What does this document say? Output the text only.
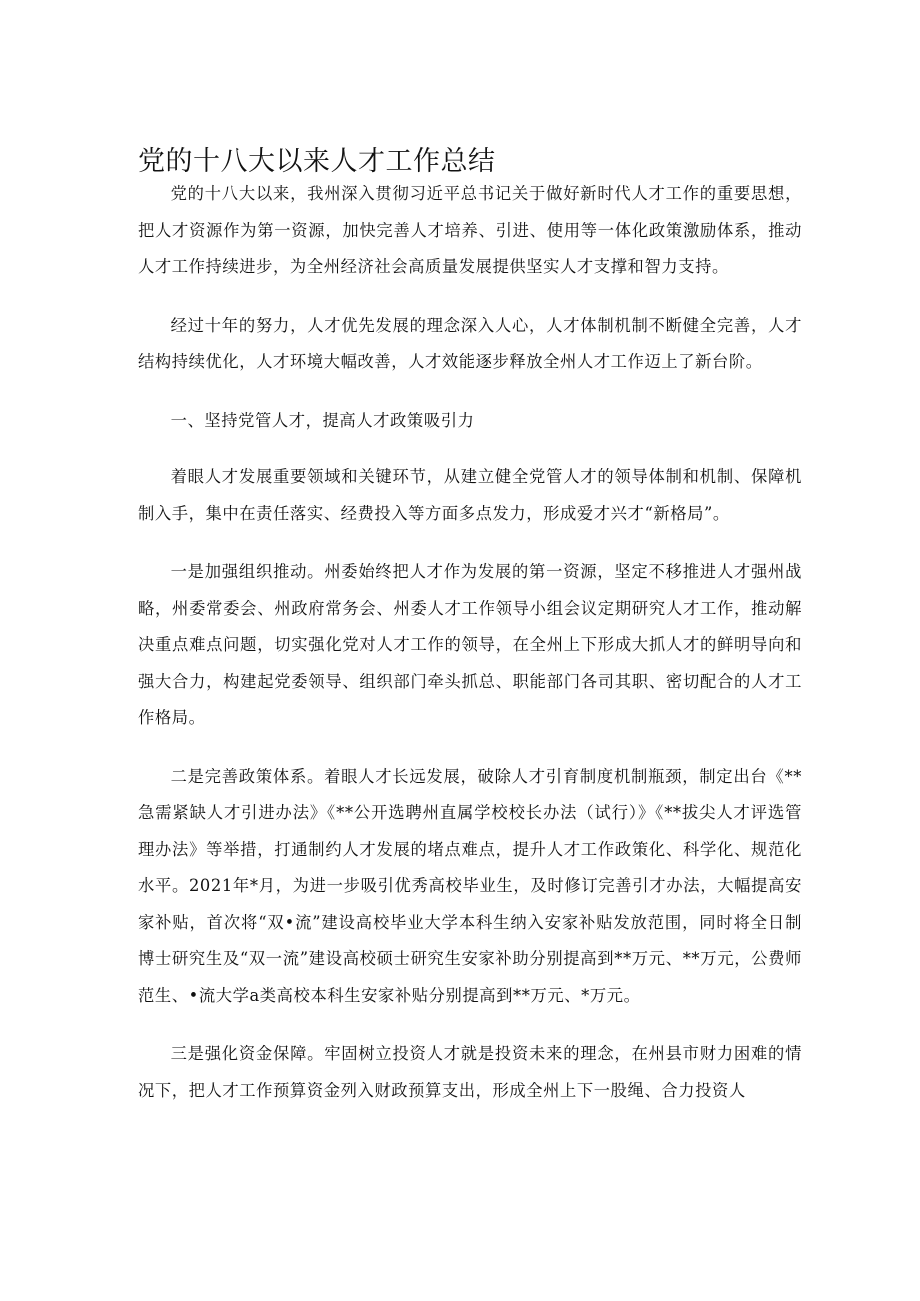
党的十八大以来人才工作总结

党的十八大以来，我州深入贯彻习近平总书记关于做好新时代人才工作的重要思想，把人才资源作为第一资源，加快完善人才培养、引进、使用等一体化政策激励体系，推动人才工作持续进步，为全州经济社会高质量发展提供坚实人才支撑和智力支持。

经过十年的努力，人才优先发展的理念深入人心，人才体制机制不断健全完善，人才结构持续优化，人才环境大幅改善，人才效能逐步释放全州人才工作迈上了新台阶。

一、坚持党管人才，提高人才政策吸引力

着眼人才发展重要领域和关键环节，从建立健全党管人才的领导体制和机制、保障机制入手，集中在责任落实、经费投入等方面多点发力，形成爱才兴才“新格局”。

一是加强组织推动。州委始终把人才作为发展的第一资源，坚定不移推进人才强州战略，州委常委会、州政府常务会、州委人才工作领导小组会议定期研究人才工作，推动解决重点难点问题，切实强化党对人才工作的领导，在全州上下形成大抓人才的鲜明导向和强大合力，构建起党委领导、组织部门牵头抓总、职能部门各司其职、密切配合的人才工作格局。

二是完善政策体系。着眼人才长远发展，破除人才引育制度机制瓶颈，制定出台《**急需紧缺人才引进办法》《**公开选聘州直属学校校长办法（试行）》《**拔尖人才评选管理办法》等举措，打通制约人才发展的堵点难点，提升人才工作政策化、科学化、规范化水平。2021年*月，为进一步吸引优秀高校毕业生，及时修订完善引才办法，大幅提高安家补贴，首次将“双•流”建设高校毕业大学本科生纳入安家补贴发放范围，同时将全日制博士研究生及“双一流”建设高校硕士研究生安家补助分别提高到**万元、**万元，公费师范生、•流大学a类高校本科生安家补贴分别提高到**万元、*万元。

三是强化资金保障。牢固树立投资人才就是投资未来的理念，在州县市财力困难的情况下，把人才工作预算资金列入财政预算支出，形成全州上下一股绳、合力投资人
